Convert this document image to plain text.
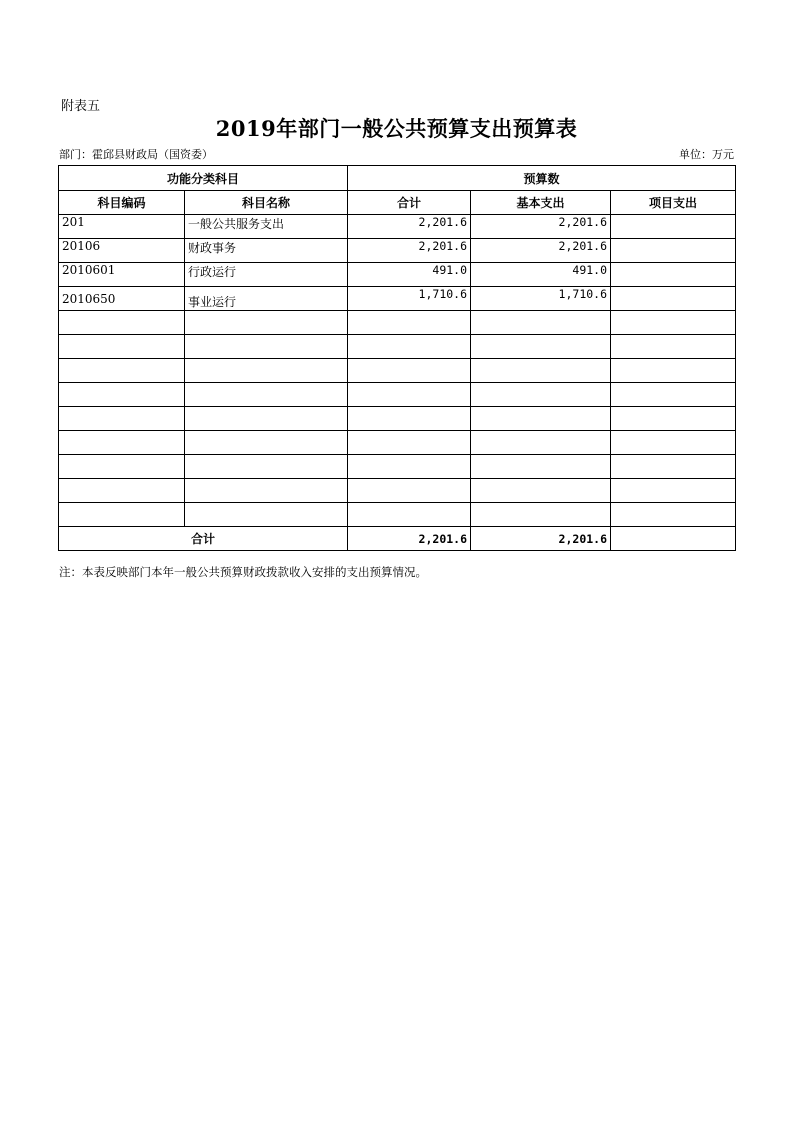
附表五
2019年部门一般公共预算支出预算表
部门：霍邱县财政局（国资委）	单位：万元
功能分类科目		预算数		
科目编码	科目名称	合计	基本支出	项目支出
201	一般公共服务支出	2,201.6	2,201.6	
20106	财政事务	2,201.6	2,201.6	
2010601	行政运行	491.0	491.0	
2010650	事业运行	1,710.6	1,710.6	

合计		2,201.6	2,201.6	
注：本表反映部门本年一般公共预算财政拨款收入安排的支出预算情况。
